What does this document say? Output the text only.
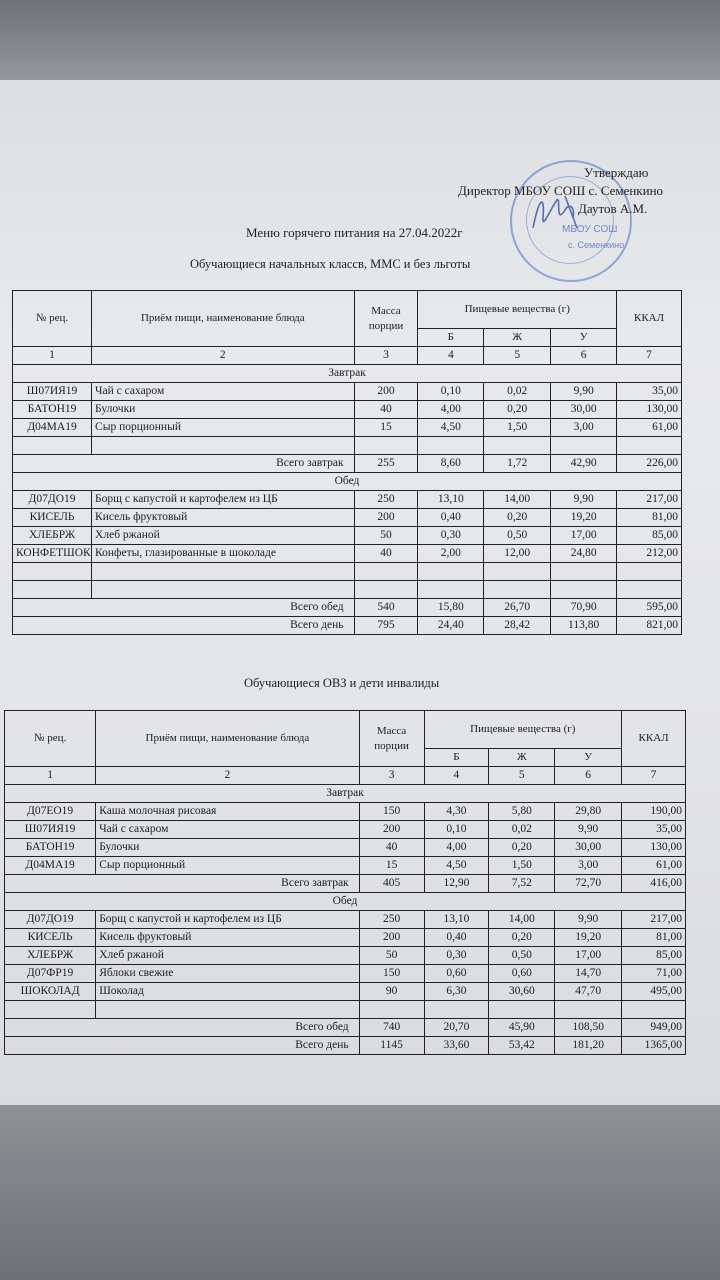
МБОУ СОШ
с. Семенкино
Утверждаю
Директор МБОУ СОШ с. Семенкино
Даутов А.М.
Меню горячего питания на 27.04.2022г
Обучающиеся начальных классв, ММС и без льготы
№ рец.	Приём пищи, наименование блюда	Масса порции	Пищевые вещества (г)			ККАЛ
			Б	Ж	У	
1	2	3	4	5	6	7
Завтрак						
Ш07ИЯ19	Чай с сахаром	200	0,10	0,02	9,90	35,00
БАТОН19	Булочки	40	4,00	0,20	30,00	130,00
Д04МА19	Сыр порционный	15	4,50	1,50	3,00	61,00

Всего завтрак		255	8,60	1,72	42,90	226,00
Обед						
Д07ДО19	Борщ с капустой и картофелем из ЦБ	250	13,10	14,00	9,90	217,00
КИСЕЛЬ	Кисель фруктовый	200	0,40	0,20	19,20	81,00
ХЛЕБРЖ	Хлеб ржаной	50	0,30	0,50	17,00	85,00
КОНФЕТШОК	Конфеты, глазированные в шоколаде	40	2,00	12,00	24,80	212,00

Всего обед		540	15,80	26,70	70,90	595,00
Всего день		795	24,40	28,42	113,80	821,00
Обучающиеся ОВЗ и дети инвалиды
№ рец.	Приём пищи, наименование блюда	Масса порции	Пищевые вещества (г)			ККАЛ
			Б	Ж	У	
1	2	3	4	5	6	7
Завтрак						
Д07ЕО19	Каша молочная рисовая	150	4,30	5,80	29,80	190,00
Ш07ИЯ19	Чай с сахаром	200	0,10	0,02	9,90	35,00
БАТОН19	Булочки	40	4,00	0,20	30,00	130,00
Д04МА19	Сыр порционный	15	4,50	1,50	3,00	61,00
Всего завтрак		405	12,90	7,52	72,70	416,00
Обед						
Д07ДО19	Борщ с капустой и картофелем из ЦБ	250	13,10	14,00	9,90	217,00
КИСЕЛЬ	Кисель фруктовый	200	0,40	0,20	19,20	81,00
ХЛЕБРЖ	Хлеб ржаной	50	0,30	0,50	17,00	85,00
Д07ФР19	Яблоки свежие	150	0,60	0,60	14,70	71,00
ШОКОЛАД	Шоколад	90	6,30	30,60	47,70	495,00

Всего обед		740	20,70	45,90	108,50	949,00
Всего день		1145	33,60	53,42	181,20	1365,00
